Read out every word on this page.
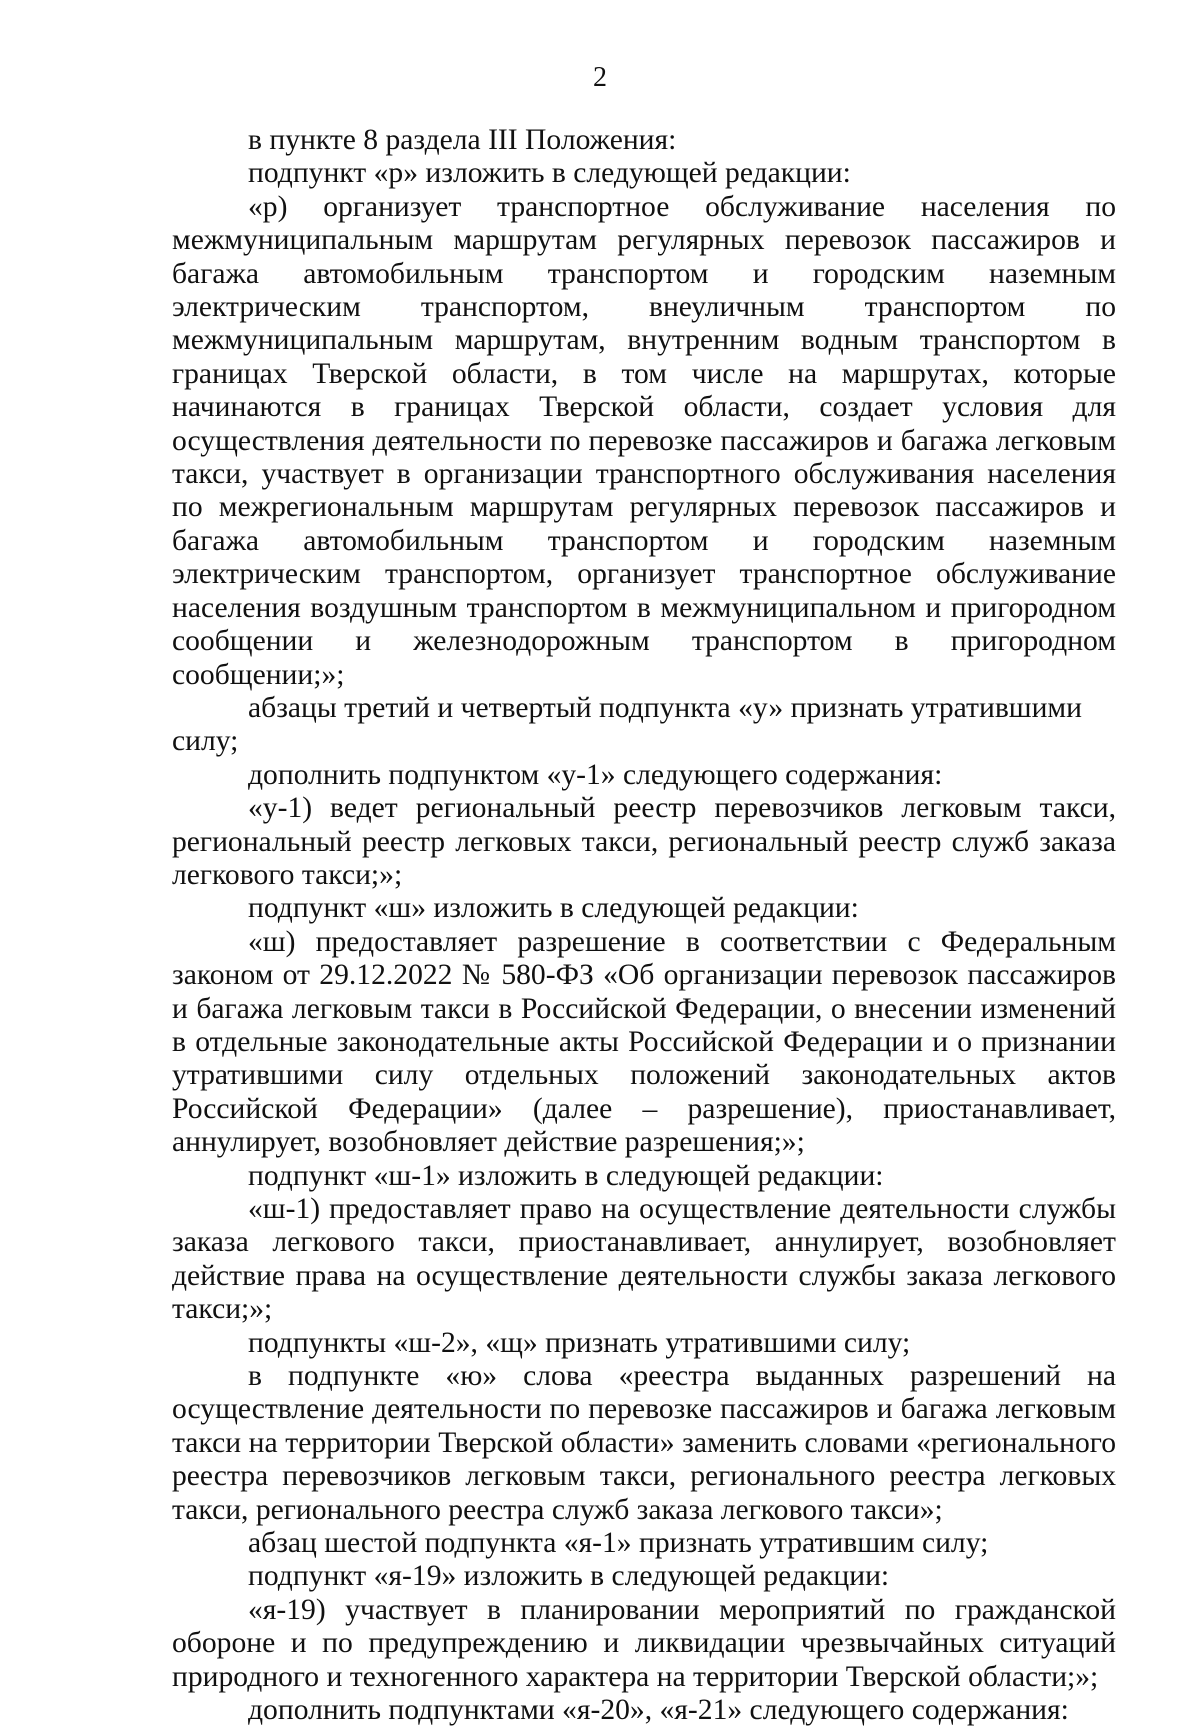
2

в пункте 8 раздела III Положения:

подпункт «р» изложить в следующей редакции:

«р) организует транспортное обслуживание населения по межмуниципальным маршрутам регулярных перевозок пассажиров и багажа автомобильным транспортом и городским наземным электрическим транспортом, внеуличным транспортом по межмуниципальным маршрутам, внутренним водным транспортом в границах Тверской области, в том числе на маршрутах, которые начинаются в границах Тверской области, создает условия для осуществления деятельности по перевозке пассажиров и багажа легковым такси, участвует в организации транспортного обслуживания населения по межрегиональным маршрутам регулярных перевозок пассажиров и багажа автомобильным транспортом и городским наземным электрическим транспортом, организует транспортное обслуживание населения воздушным транспортом в межмуниципальном и пригородном сообщении и железнодорожным транспортом в пригородном сообщении;»;

абзацы третий и четвертый подпункта «у» признать утратившими силу;

дополнить подпунктом «у-1» следующего содержания:

«у-1) ведет региональный реестр перевозчиков легковым такси, региональный реестр легковых такси, региональный реестр служб заказа легкового такси;»;

подпункт «ш» изложить в следующей редакции:

«ш) предоставляет разрешение в соответствии с Федеральным законом от 29.12.2022 № 580-ФЗ «Об организации перевозок пассажиров и багажа легковым такси в Российской Федерации, о внесении изменений в отдельные законодательные акты Российской Федерации и о признании утратившими силу отдельных положений законодательных актов Российской Федерации» (далее – разрешение), приостанавливает, аннулирует, возобновляет действие разрешения;»;

подпункт «ш-1» изложить в следующей редакции:

«ш-1) предоставляет право на осуществление деятельности службы заказа легкового такси, приостанавливает, аннулирует, возобновляет действие права на осуществление деятельности службы заказа легкового такси;»;

подпункты «ш-2», «щ» признать утратившими силу;

в подпункте «ю» слова «реестра выданных разрешений на осуществление деятельности по перевозке пассажиров и багажа легковым такси на территории Тверской области» заменить словами «регионального реестра перевозчиков легковым такси, регионального реестра легковых такси, регионального реестра служб заказа легкового такси»;

абзац шестой подпункта «я-1» признать утратившим силу;

подпункт «я-19» изложить в следующей редакции:

«я-19) участвует в планировании мероприятий по гражданской обороне и по предупреждению и ликвидации чрезвычайных ситуаций природного и техногенного характера на территории Тверской области;»;

дополнить подпунктами «я-20», «я-21» следующего содержания:
